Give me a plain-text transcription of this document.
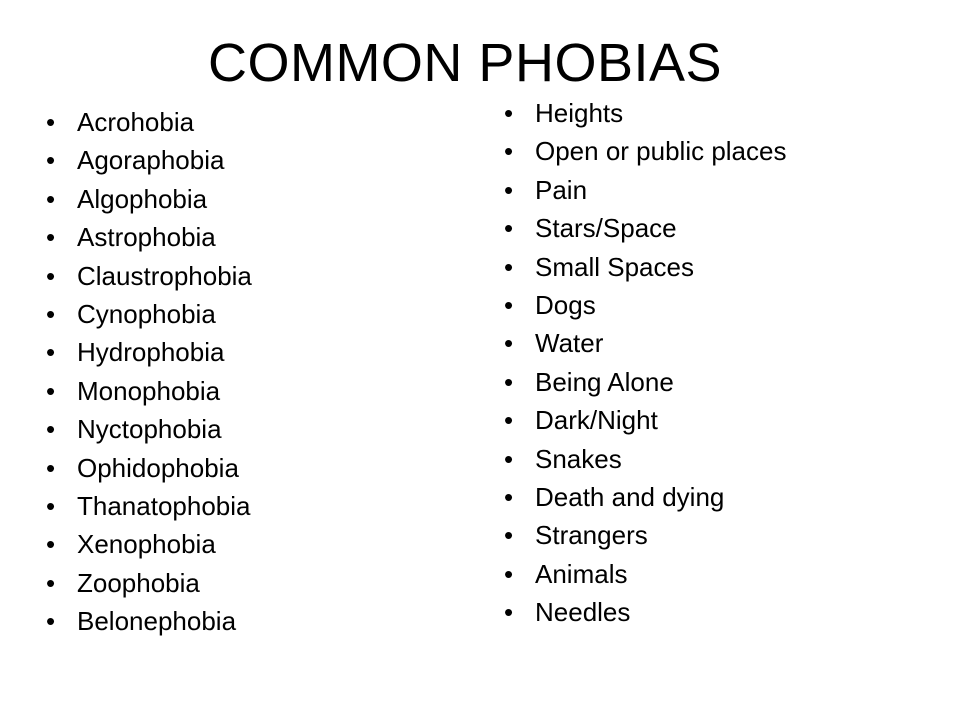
COMMON PHOBIAS
• Acrohobia
• Agoraphobia
• Algophobia
• Astrophobia
• Claustrophobia
• Cynophobia
• Hydrophobia
• Monophobia
• Nyctophobia
• Ophidophobia
• Thanatophobia
• Xenophobia
• Zoophobia
• Belonephobia
• Heights
• Open or public places
• Pain
• Stars/Space
• Small Spaces
• Dogs
• Water
• Being Alone
• Dark/Night
• Snakes
• Death and dying
• Strangers
• Animals
• Needles
